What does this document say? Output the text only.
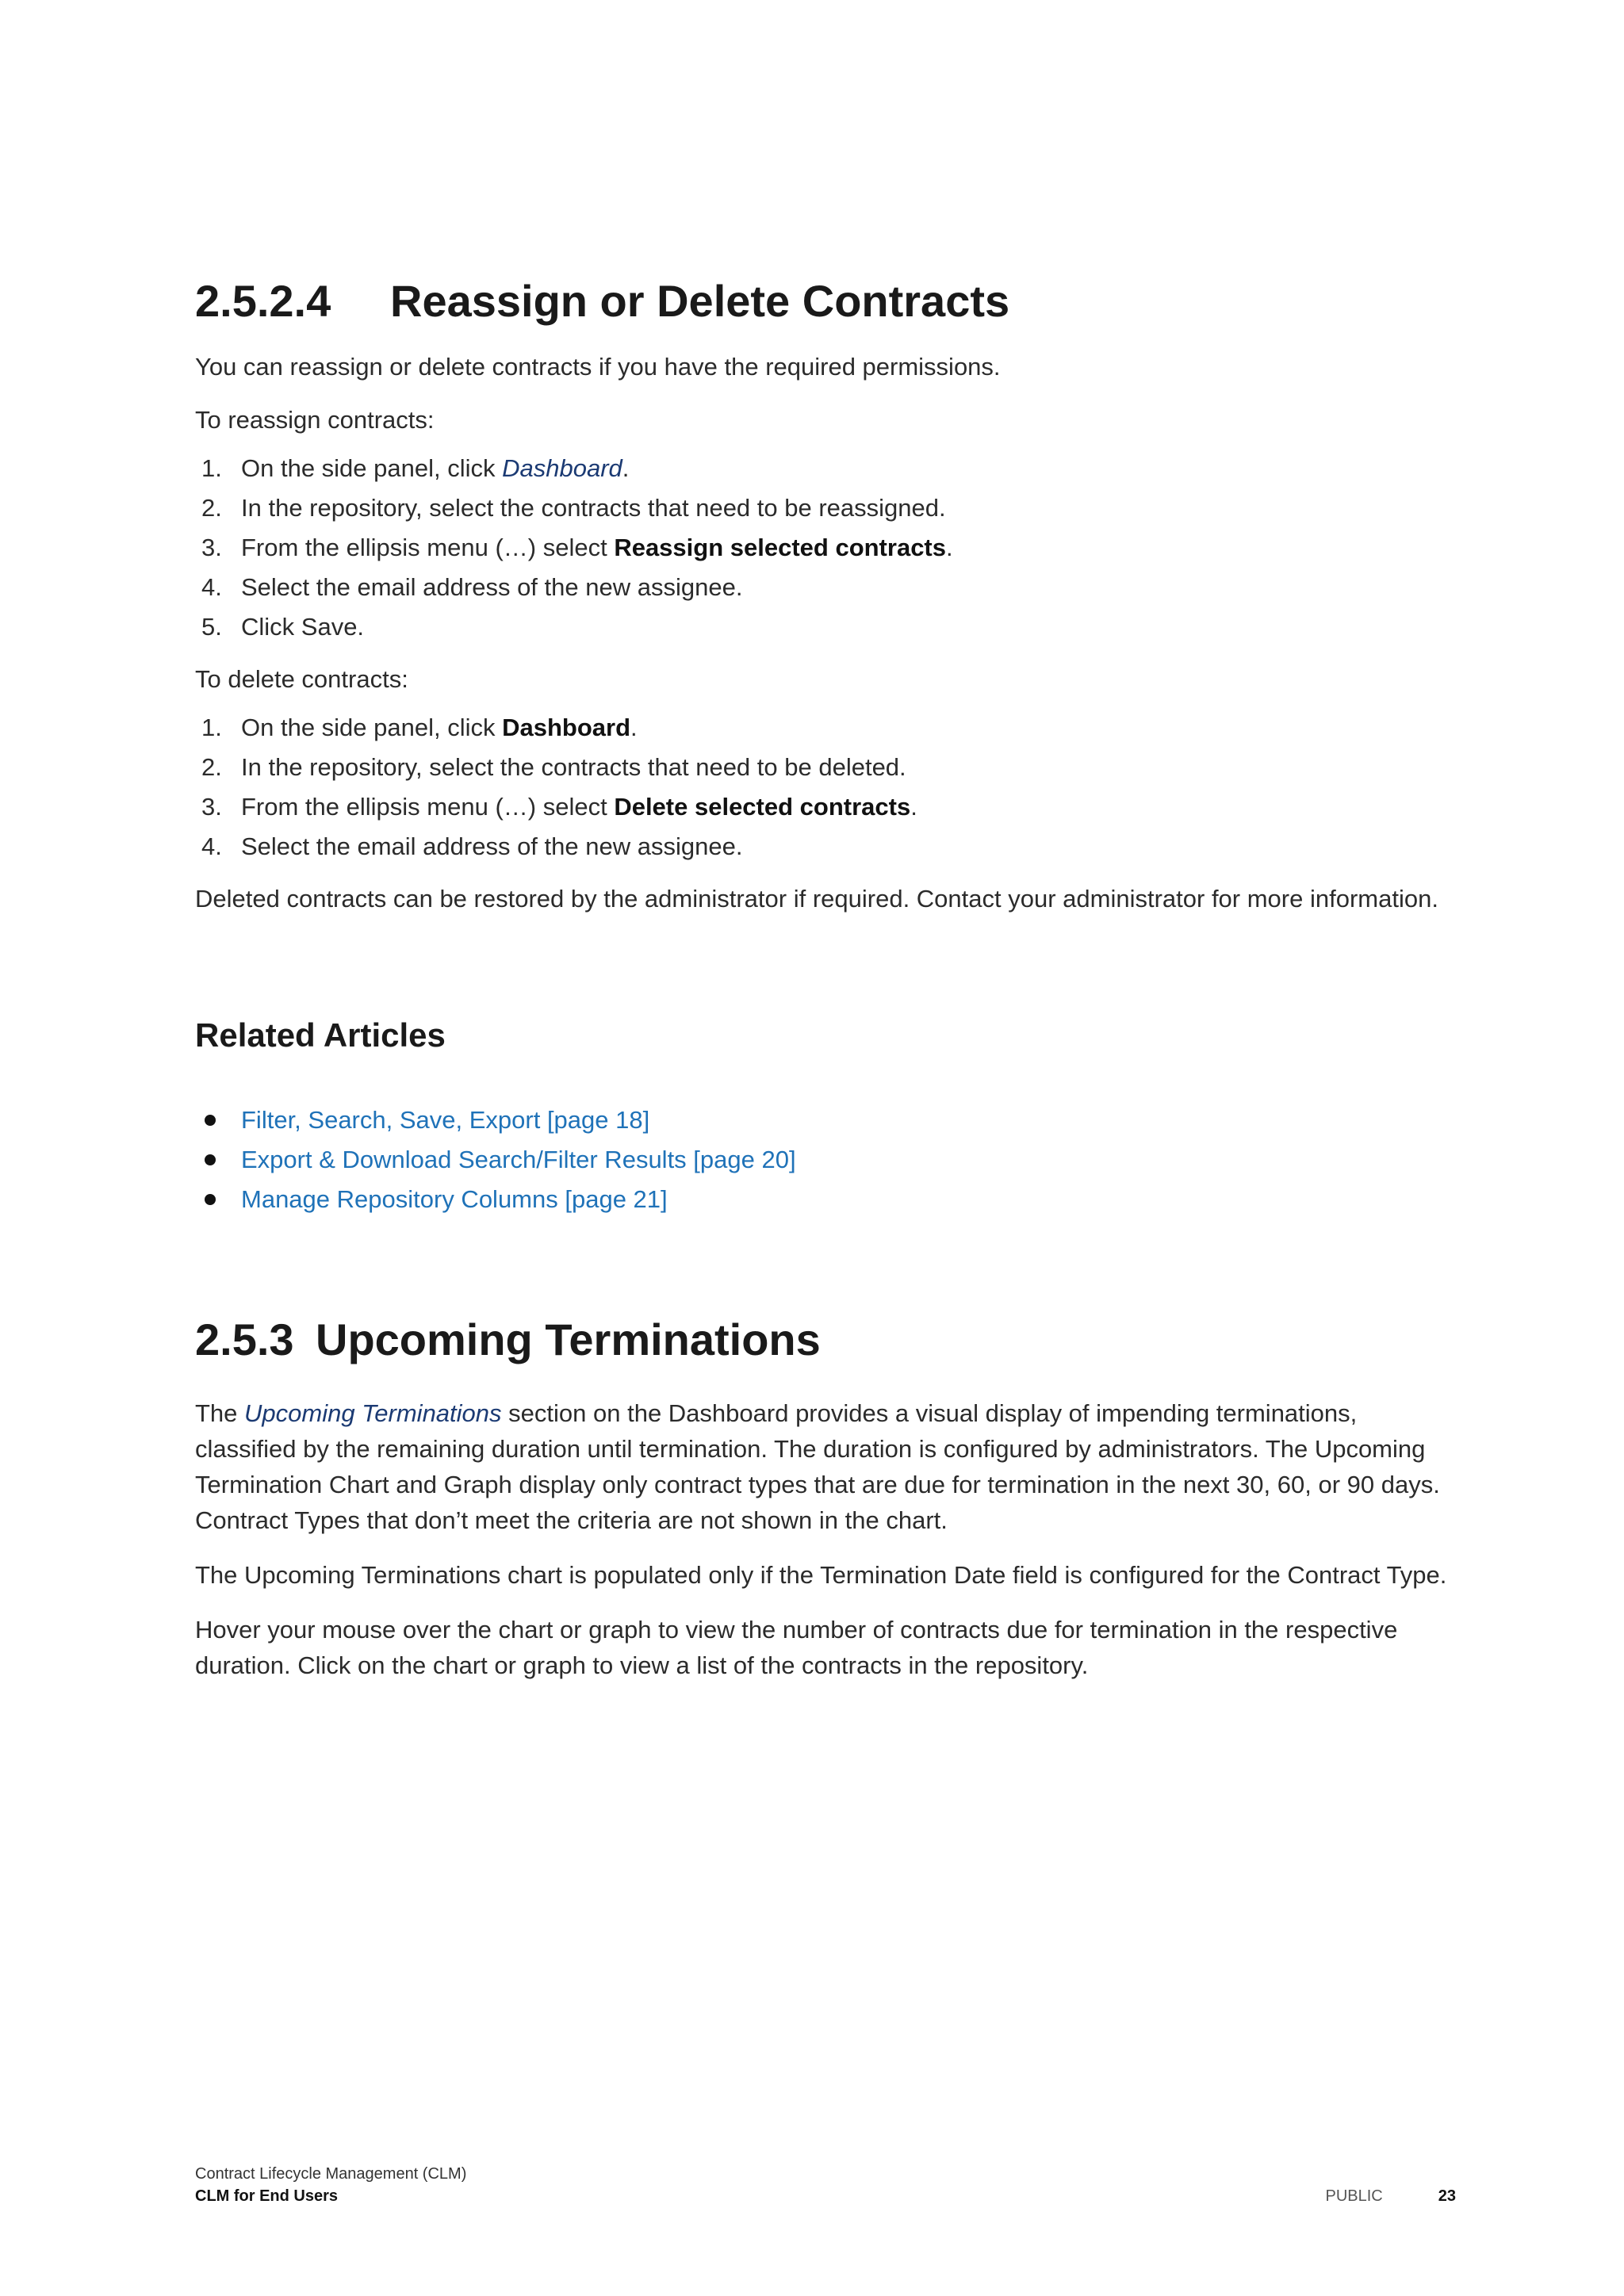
2.5.2.4 Reassign or Delete Contracts

You can reassign or delete contracts if you have the required permissions.

To reassign contracts:

1. On the side panel, click Dashboard.
2. In the repository, select the contracts that need to be reassigned.
3. From the ellipsis menu (…) select Reassign selected contracts.
4. Select the email address of the new assignee.
5. Click Save.

To delete contracts:

1. On the side panel, click Dashboard.
2. In the repository, select the contracts that need to be deleted.
3. From the ellipsis menu (…) select Delete selected contracts.
4. Select the email address of the new assignee.

Deleted contracts can be restored by the administrator if required. Contact your administrator for more information.

Related Articles
Filter, Search, Save, Export [page 18]
Export & Download Search/Filter Results [page 20]
Manage Repository Columns [page 21]
2.5.3 Upcoming Terminations

The Upcoming Terminations section on the Dashboard provides a visual display of impending terminations, classified by the remaining duration until termination. The duration is configured by administrators. The Upcoming Termination Chart and Graph display only contract types that are due for termination in the next 30, 60, or 90 days. Contract Types that don’t meet the criteria are not shown in the chart.

The Upcoming Terminations chart is populated only if the Termination Date field is configured for the Contract Type.

Hover your mouse over the chart or graph to view the number of contracts due for termination in the respective duration. Click on the chart or graph to view a list of the contracts in the repository.

Contract Lifecycle Management (CLM)
CLM for End Users	PUBLIC	23
